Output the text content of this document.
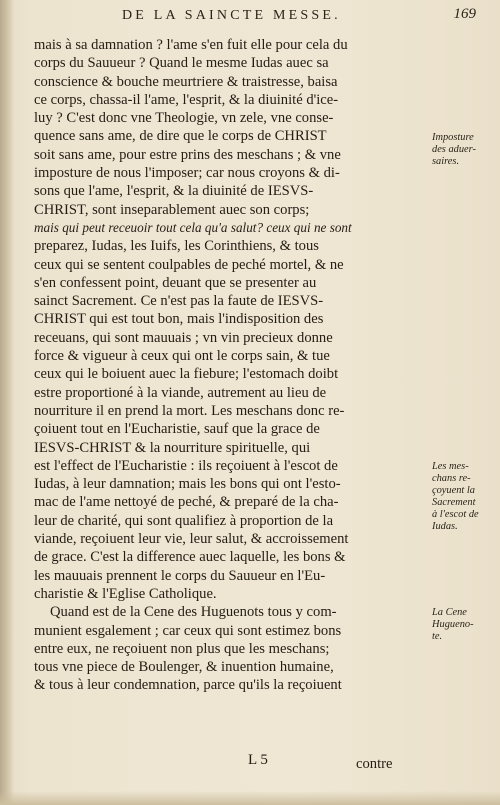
DE LA SAINCTE MESSE.	169
mais à sa damnation ? l'ame s'en fuit elle pour cela du
corps du Sauueur ? Quand le mesme Iudas auec sa
conscience & bouche meurtriere & traistresse, baisa
ce corps, chassa-il l'ame, l'esprit, & la diuinité d'ice-
luy ? C'est donc vne Theologie, vn zele, vne conse-
quence sans ame, de dire que le corps de CHRIST
soit sans ame, pour estre prins des meschans ; & vne
imposture de nous l'imposer; car nous croyons & di-
sons que l'ame, l'esprit, & la diuinité de IESVS-
CHRIST, sont inseparablement auec son corps;
mais qui peut receuoir tout cela qu'a salut? ceux qui ne sont
preparez, Iudas, les Iuifs, les Corinthiens, & tous
ceux qui se sentent coulpables de peché mortel, & ne
s'en confessent point, deuant que se presenter au
sainct Sacrement. Ce n'est pas la faute de IESVS-
CHRIST qui est tout bon, mais l'indisposition des
receuans, qui sont mauuais ; vn vin precieux donne
force & vigueur à ceux qui ont le corps sain, & tue
ceux qui le boiuent auec la fiebure; l'estomach doibt
estre proportioné à la viande, autrement au lieu de
nourriture il en prend la mort. Les meschans donc re-
çoiuent tout en l'Eucharistie, sauf que la grace de
IESVS-CHRIST & la nourriture spirituelle, qui
est l'effect de l'Eucharistie : ils reçoiuent à l'escot de
Iudas, à leur damnation; mais les bons qui ont l'esto-
mac de l'ame nettoyé de peché, & preparé de la cha-
leur de charité, qui sont qualifiez à proportion de la
viande, reçoiuent leur vie, leur salut, & accroissement
de grace. C'est la difference auec laquelle, les bons &
les mauuais prennent le corps du Sauueur en l'Eu-
charistie & l'Eglise Catholique.
Quand est de la Cene des Huguenots tous y com-
munient esgalement ; car ceux qui sont estimez bons
entre eux, ne reçoiuent non plus que les meschans;
tous vne piece de Boulenger, & inuention humaine,
& tous à leur condemnation, parce qu'ils la reçoiuent
Imposture
des aduer-
saires.
Les mes-
chans re-
çoyuent la
Sacrement
à l'escot de
Iudas.
La Cene
Hugueno-
te.
L 5	contre
